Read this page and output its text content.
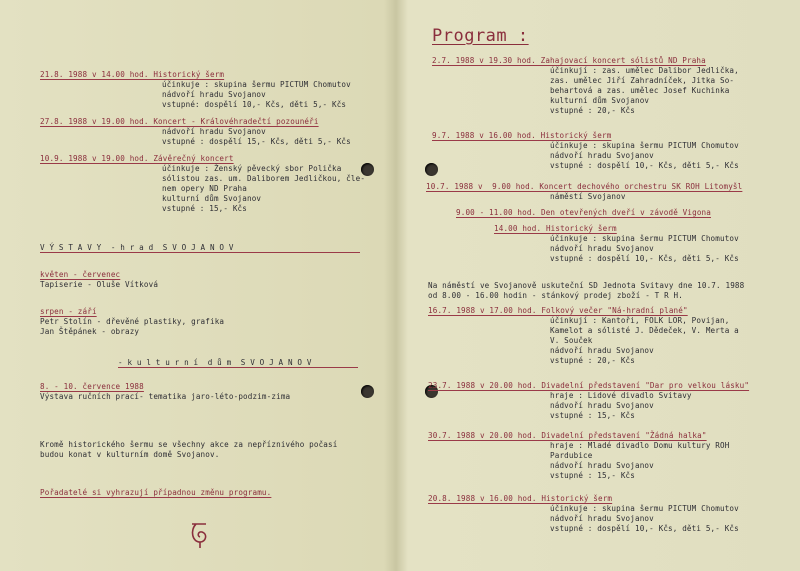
Program :
21.8. 1988 v 14.00 hod. Historický šerm
účinkuje : skupina šermu PICTUM Chomutov
nádvoří hradu Svojanov
vstupné: dospělí 10,- Kčs, děti 5,- Kčs
27.8. 1988 v 19.00 hod. Koncert - Královéhradečtí pozounéři
nádvoří hradu Svojanov
vstupné : dospělí 15,- Kčs, děti 5,- Kčs
10.9. 1988 v 19.00 hod. Závěrečný koncert
účinkuje : Ženský pěvecký sbor Polička
sólistou zas. um. Daliborem Jedličkou, čle-
nem opery ND Praha
kulturní dům Svojanov
vstupné : 15,- Kčs
V Ý S T A V Y  - h r a d  S V O J A N O V
květen - červenec
Tapiserie - Oluše Vítková
srpen - září
Petr Stolín - dřevěné plastiky, grafika
Jan Štěpánek - obrazy
- k u l t u r n í  d ů m  S V O J A N O V
8. - 10. července 1988
Výstava ručních prací- tematika jaro-léto-podzim-zima
Kromě historického šermu se všechny akce za nepříznivého počasí
budou konat v kulturním domě Svojanov.
Pořadatelé si vyhrazují případnou změnu programu.
2.7. 1988 v 19.30 hod. Zahajovací koncert sólistů ND Praha
účinkují : zas. umělec Dalibor Jedlička,
zas. umělec Jiří Zahradníček, Jitka So-
behartová a zas. umělec Josef Kuchinka
kulturní dům Svojanov
vstupné : 20,- Kčs
9.7. 1988 v 16.00 hod. Historický šerm
účinkuje : skupina šermu PICTUM Chomutov
nádvoří hradu Svojanov
vstupné : dospělí 10,- Kčs, děti 5,- Kčs
10.7. 1988 v  9.00 hod. Koncert dechového orchestru SK ROH Litomyšl
náměstí Svojanov
9.00 - 11.00 hod. Den otevřených dveří v závodě Vigona
14.00 hod. Historický šerm
účinkuje : skupina šermu PICTUM Chomutov
nádvoří hradu Svojanov
vstupné : dospělí 10,- Kčs, děti 5,- Kčs
Na náměstí ve Svojanově uskuteční SD Jednota Svitavy dne 10.7. 1988
od 8.00 - 16.00 hodin - stánkový prodej zboží - T R H.
16.7. 1988 v 17.00 hod. Folkový večer "Ná-hradní plané"
účinkují : Kantoři, FOLK LOR, Povijan,
Kamelot a sólisté J. Dědeček, V. Merta a
V. Souček
nádvoří hradu Svojanov
vstupné : 20,- Kčs
23.7. 1988 v 20.00 hod. Divadelní představení "Dar pro velkou lásku"
hraje : Lidové divadlo Svitavy
nádvoří hradu Svojanov
vstupné : 15,- Kčs
30.7. 1988 v 20.00 hod. Divadelní představení "Žádná halka"
hraje : Mladé divadlo Domu kultury ROH
Pardubice
nádvoří hradu Svojanov
vstupné : 15,- Kčs
20.8. 1988 v 16.00 hod. Historický šerm
účinkuje : skupina šermu PICTUM Chomutov
nádvoří hradu Svojanov
vstupné : dospělí 10,- Kčs, děti 5,- Kčs
